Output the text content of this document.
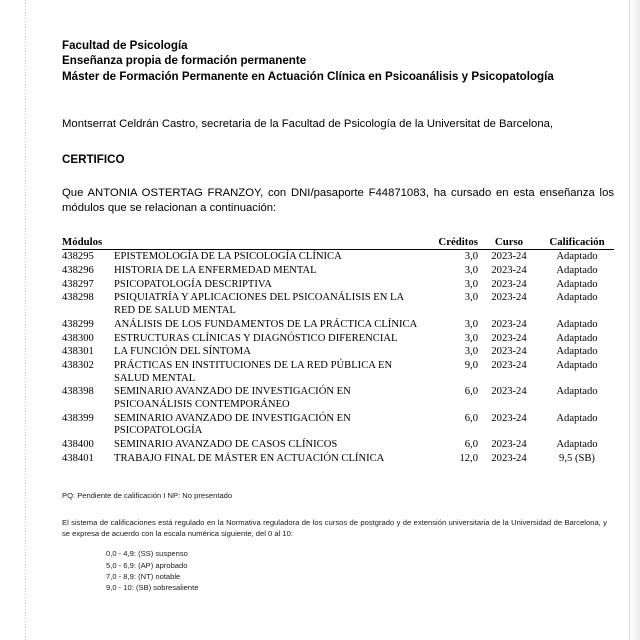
Facultad de Psicología
Enseñanza propia de formación permanente
Máster de Formación Permanente en Actuación Clínica en Psicoanálisis y Psicopatología

Montserrat Celdrán Castro, secretaria de la Facultad de Psicología de la Universitat de Barcelona,

CERTIFICO

Que ANTONIA OSTERTAG FRANZOY, con DNI/pasaporte F44871083, ha cursado en esta enseñanza los módulos que se relacionan a continuación:

Módulos		Créditos	Curso	Calificación

438295	EPISTEMOLOGÍA DE LA PSICOLOGÍA CLÍNICA	3,0	2023-24	Adaptado
438296	HISTORIA DE LA ENFERMEDAD MENTAL	3,0	2023-24	Adaptado
438297	PSICOPATOLOGÍA DESCRIPTIVA	3,0	2023-24	Adaptado
438298	PSIQUIATRÍA Y APLICACIONES DEL PSICOANÁLISIS EN LA RED DE SALUD MENTAL	3,0	2023-24	Adaptado
438299	ANÁLISIS DE LOS FUNDAMENTOS DE LA PRÁCTICA CLÍNICA	3,0	2023-24	Adaptado
438300	ESTRUCTURAS CLÍNICAS Y DIAGNÓSTICO DIFERENCIAL	3,0	2023-24	Adaptado
438301	LA FUNCIÓN DEL SÍNTOMA	3,0	2023-24	Adaptado
438302	PRÁCTICAS EN INSTITUCIONES DE LA RED PÚBLICA EN SALUD MENTAL	9,0	2023-24	Adaptado
438398	SEMINARIO AVANZADO DE INVESTIGACIÓN EN PSICOANÁLISIS CONTEMPORÁNEO	6,0	2023-24	Adaptado
438399	SEMINARIO AVANZADO DE INVESTIGACIÓN EN PSICOPATOLOGÍA	6,0	2023-24	Adaptado
438400	SEMINARIO AVANZADO DE CASOS CLÍNICOS	6,0	2023-24	Adaptado
438401	TRABAJO FINAL DE MÁSTER EN ACTUACIÓN CLÍNICA	12,0	2023-24	9,5 (SB)

PQ: Pendiente de calificación I NP: No presentado

El sistema de calificaciones está regulado en la Normativa reguladora de los cursos de postgrado y de extensión universitaria de la Universidad de Barcelona, y se expresa de acuerdo con la escala numérica siguiente, del 0 al 10:

0,0 - 4,9: (SS) suspenso
5,0 - 6,9: (AP) aprobado
7,0 - 8,9: (NT) notable
9,0 - 10: (SB) sobresaliente
